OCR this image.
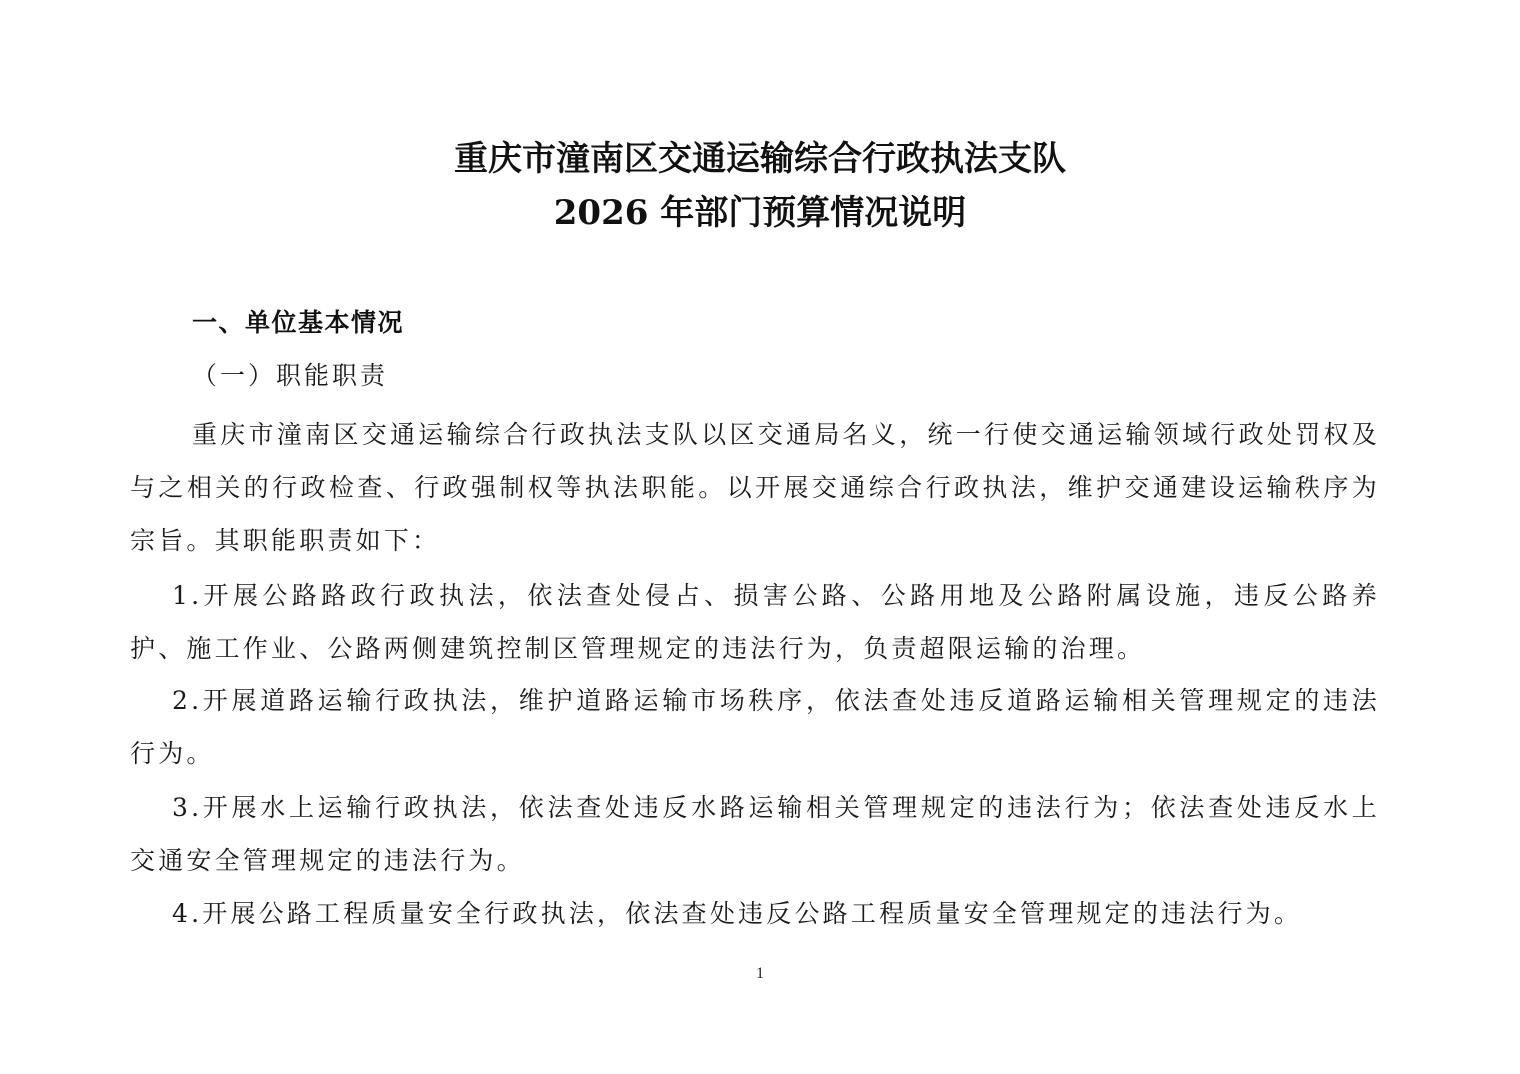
重庆市潼南区交通运输综合行政执法支队
2026 年部门预算情况说明
一、单位基本情况
（一）职能职责

重庆市潼南区交通运输综合行政执法支队以区交通局名义，统一行使交通运输领域行政处罚权及与之相关的行政检查、行政强制权等执法职能。以开展交通综合行政执法，维护交通建设运输秩序为宗旨。其职能职责如下：

1.开展公路路政行政执法，依法查处侵占、损害公路、公路用地及公路附属设施，违反公路养护、施工作业、公路两侧建筑控制区管理规定的违法行为，负责超限运输的治理。

2.开展道路运输行政执法，维护道路运输市场秩序，依法查处违反道路运输相关管理规定的违法行为。

3.开展水上运输行政执法，依法查处违反水路运输相关管理规定的违法行为；依法查处违反水上交通安全管理规定的违法行为。

4.开展公路工程质量安全行政执法，依法查处违反公路工程质量安全管理规定的违法行为。

1
